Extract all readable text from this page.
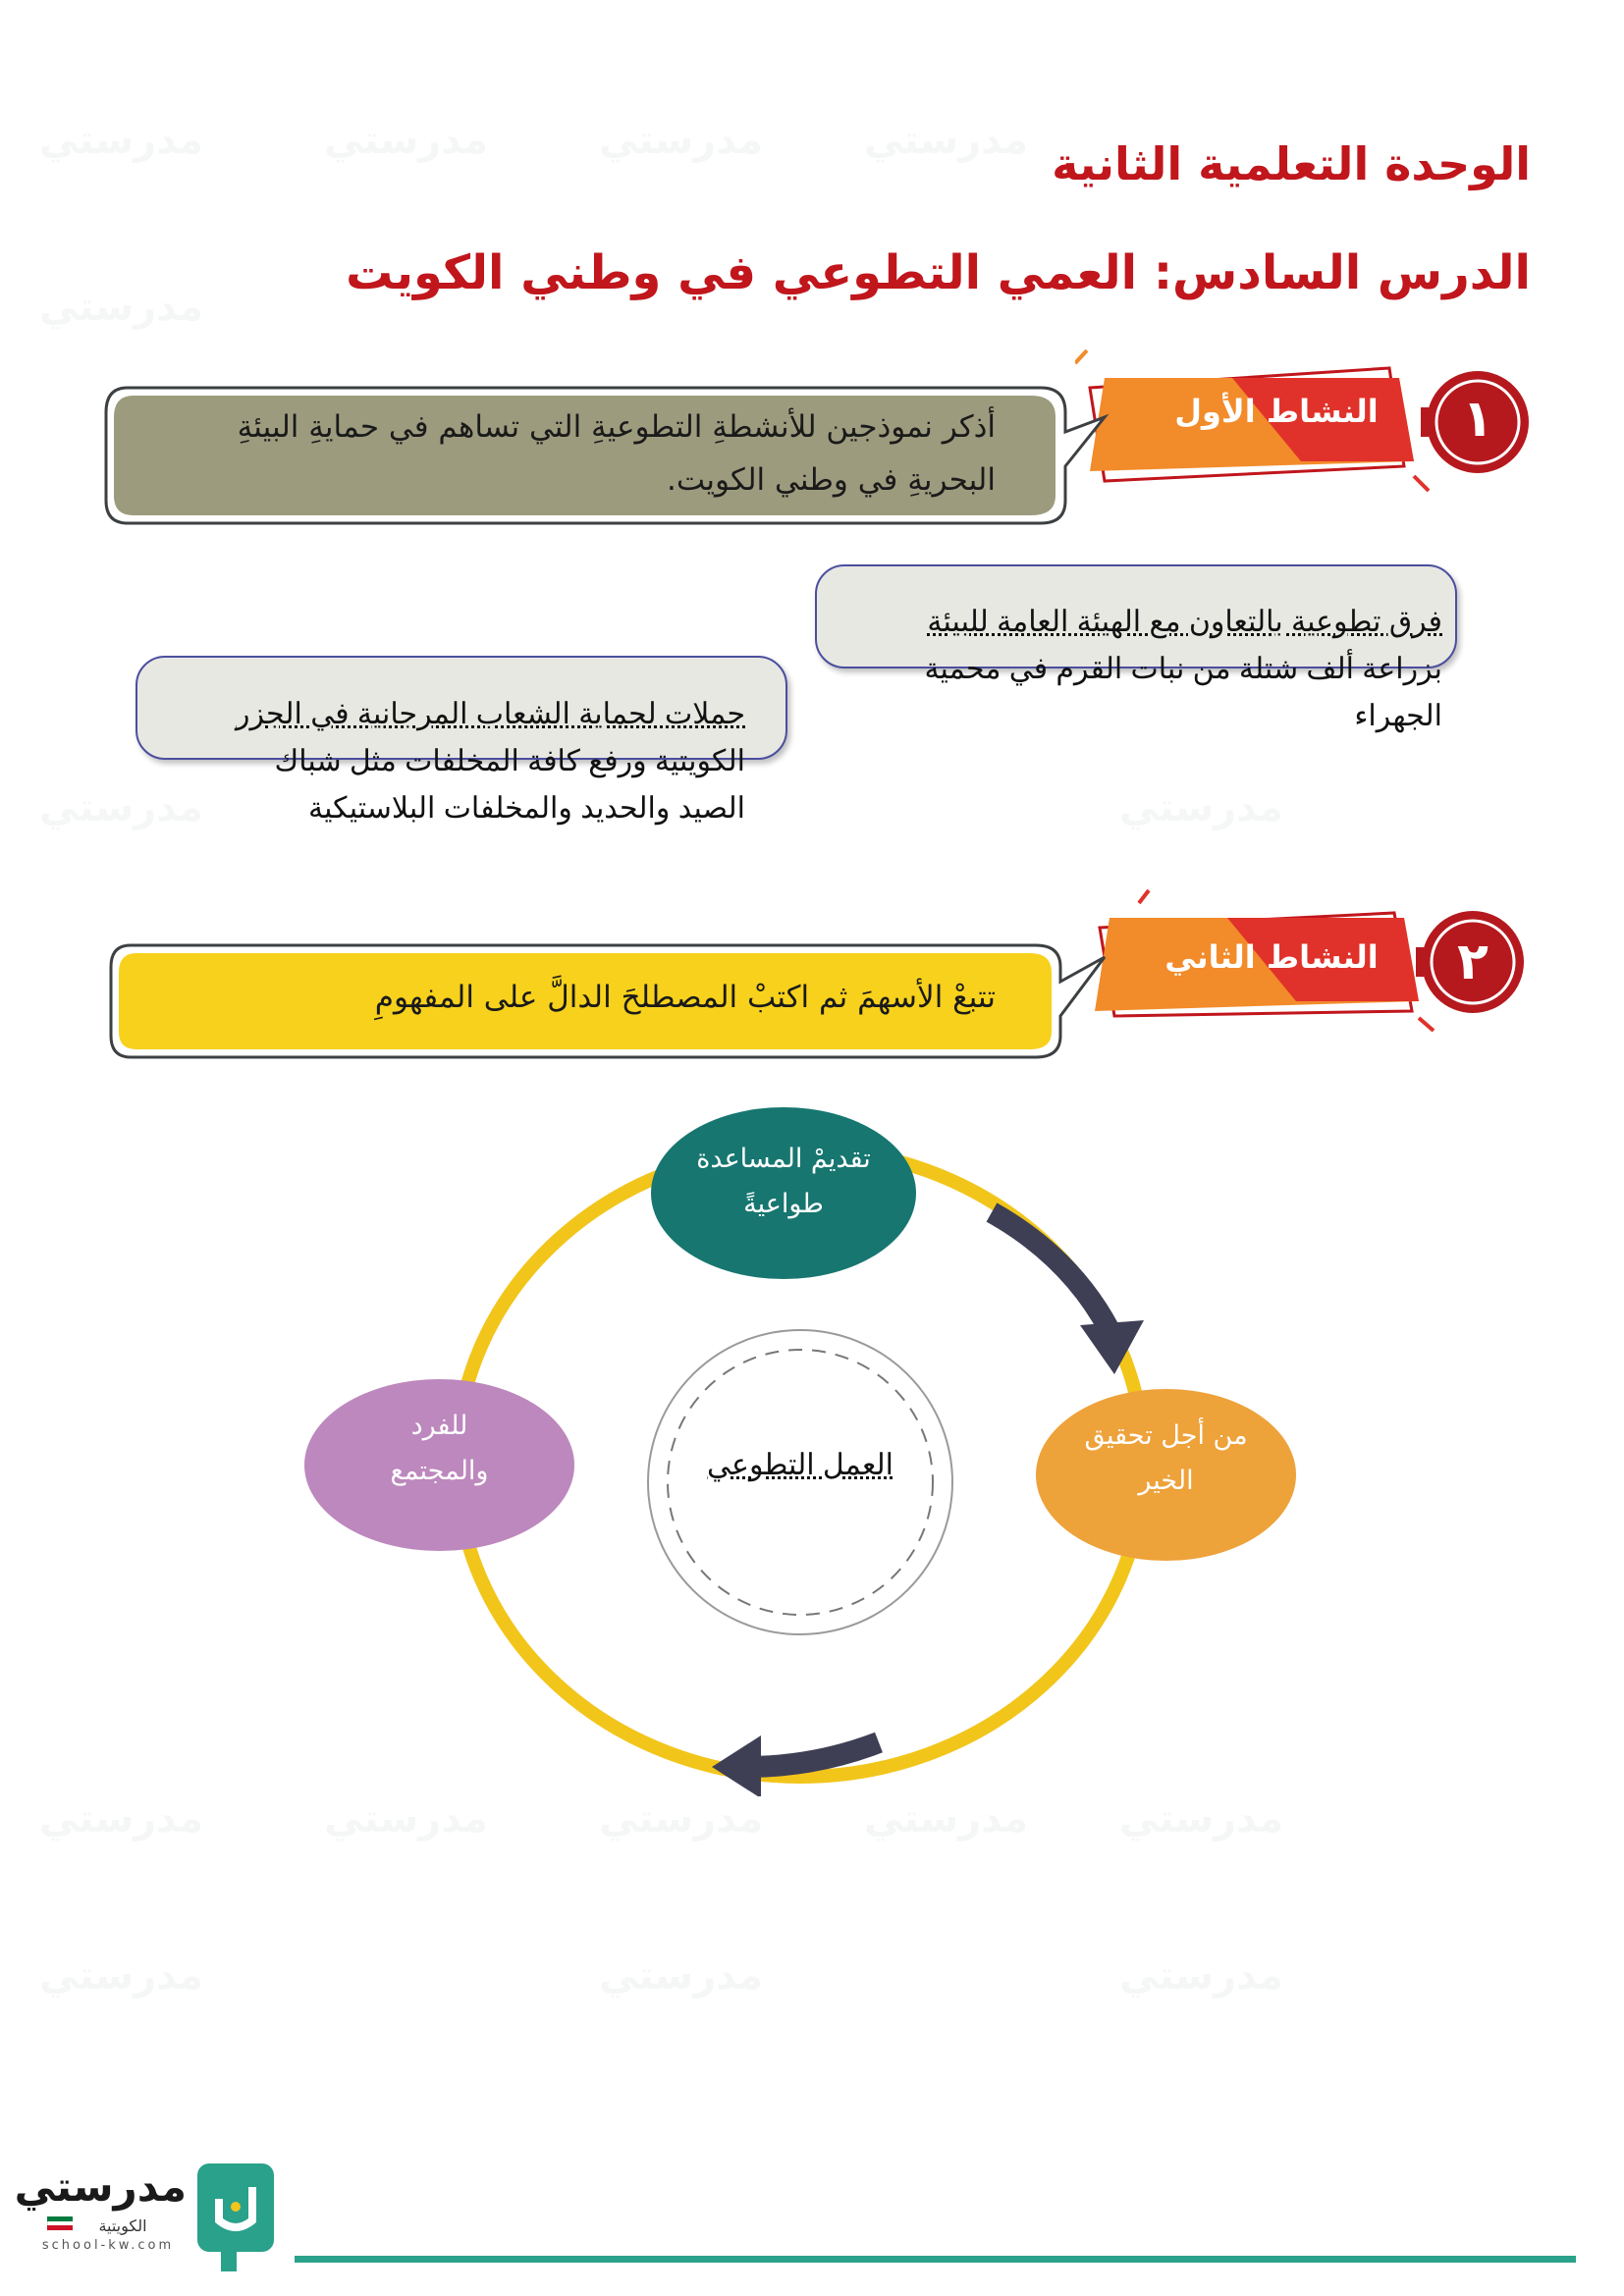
مدرستي	مدرستي	مدرستي	مدرستي
مدرستي
مدرستي	مدرستي
مدرستي	مدرستي	مدرستي	مدرستي مدرستي
مدرستي	مدرستي	مدرستي
الوحدة التعلمية الثانية
الدرس السادس: العمي التطوعي في وطني الكويت
النشاط الأول	١
أذكر نموذجين للأنشطةِ التطوعيةِ التي تساهم في حمايةِ البيئةِ
البحريةِ في وطني الكويت.
فرق تطوعية بالتعاون مع الهيئة العامة للبيئة
بزراعة ألف شتلة من نبات القرم في محمية
الجهراء
حملات لحماية الشعاب المرجانية في الجزر
الكويتية ورفع كافة المخلفات مثل شباك
الصيد والحديد والمخلفات البلاستيكية
النشاط الثاني	٢
تتبعْ الأسهمَ ثم اكتبْ المصطلحَ الدالَّ على المفهومِ
تقديمْ المساعدة
طواعيةً
من أجل تحقيق
الخير
للفرد
والمجتمع	العمل التطوعي
مدرستي
الكويتية
school-kw.com
